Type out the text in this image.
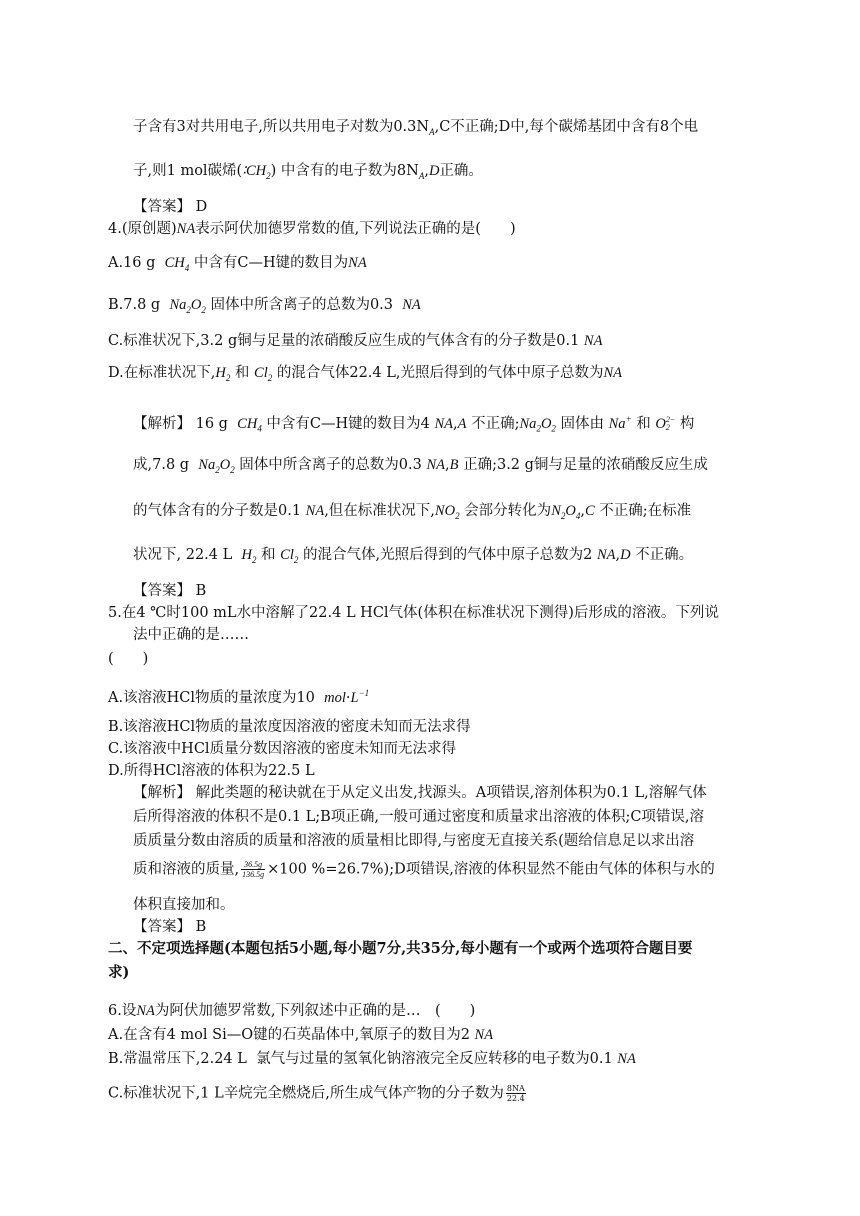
子含有3对共用电子,所以共用电子对数为$0.3N_A,C$不正确;D中,每个碳烯基团中含有8个电
子,则1 mol碳烯$(∶CH_2)$ 中含有的电子数为$8N_A,D$正确。
【答案】 D
4.(原创题)NA表示阿伏加德罗常数的值,下列说法正确的是(　　)
A.16 g  $CH_4$ 中含有C—H键的数目为NA
B.7.8 g  $Na_2O_2$ 固体中所含离子的总数为0.3  NA
C.标准状况下,3.2 g铜与足量的浓硝酸反应生成的气体含有的分子数是0.1 NA
D.在标准状况下$,H_2$ 和 $Cl_2$ 的混合气体22.4 L,光照后得到的气体中原子总数为NA
【解析】 16 g  $CH_4$ 中含有C—H键的数目为4 NA,A 不正确$;Na_2O_2$ 固体由 Na+ 和 O 2−
2 构
成,7.8 g  $Na_2O_2$ 固体中所含离子的总数为0.3 NA,B 正确;3.2 g铜与足量的浓硝酸反应生成
的气体含有的分子数是0.1 NA,但在标准状况下$,NO_2$ 会部分转化为$N_2O_4,C$ 不正确;在标准
状况下, 22.4 L  $H_2$ 和 $Cl_2$ 的混合气体,光照后得到的气体中原子总数为2 NA,D 不正确。
【答案】 B
5.在4 ℃时100 mL水中溶解了22.4 L HCl气体(体积在标准状况下测得)后形成的溶液。下列说
法中正确的是……
(　　)
A.该溶液HCl物质的量浓度为10  $mol\cdot L^{-1}$
B.该溶液HCl物质的量浓度因溶液的密度未知而无法求得
C.该溶液中HCl质量分数因溶液的密度未知而无法求得
D.所得HCl溶液的体积为22.5 L
【解析】 解此类题的秘诀就在于从定义出发,找源头。A项错误,溶剂体积为0.1 L,溶解气体
后所得溶液的体积不是0.1 L;B项正确,一般可通过密度和质量求出溶液的体积;C项错误,溶
质质量分数由溶质的质量和溶液的质量相比即得,与密度无直接关系(题给信息足以求出溶
质和溶液的质量, $\frac{36.5g}{136.5g} \times 100$ %=26.7%);D项错误,溶液的体积显然不能由气体的体积与水的
体积直接加和。
【答案】 B
二、不定项选择题(本题包括5小题,每小题7分,共35分,每小题有一个或两个选项符合题目要
求)
6.设NA为阿伏加德罗常数,下列叙述中正确的是…　(　　)
A.在含有4 mol Si—O键的石英晶体中,氧原子的数目为2 NA
B.常温常压下,2.24 L  氯气与过量的氢氧化钠溶液完全反应转移的电子数为0.1 NA
C.标准状况下,1 L辛烷完全燃烧后,所生成气体产物的分子数为 $\frac{8NA}{22.4}$
